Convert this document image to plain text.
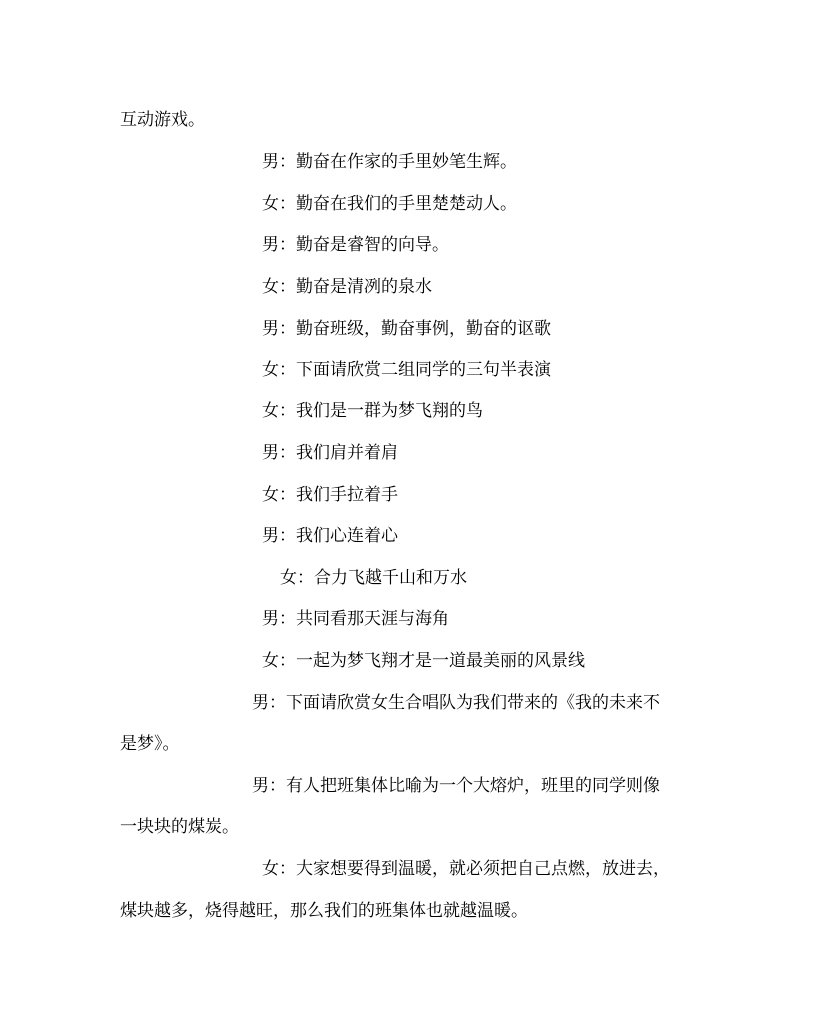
互动游戏。
男：勤奋在作家的手里妙笔生辉。
女：勤奋在我们的手里楚楚动人。
男：勤奋是睿智的向导。
女：勤奋是清冽的泉水
男：勤奋班级，勤奋事例，勤奋的讴歌
女：下面请欣赏二组同学的三句半表演
女：我们是一群为梦飞翔的鸟
男：我们肩并着肩
女：我们手拉着手
男：我们心连着心
女：合力飞越千山和万水
男：共同看那天涯与海角
女：一起为梦飞翔才是一道最美丽的风景线
男：下面请欣赏女生合唱队为我们带来的《我的未来不
是梦》。
男：有人把班集体比喻为一个大熔炉，班里的同学则像
一块块的煤炭。
女：大家想要得到温暖，就必须把自己点燃，放进去，
煤块越多，烧得越旺，那么我们的班集体也就越温暖。
